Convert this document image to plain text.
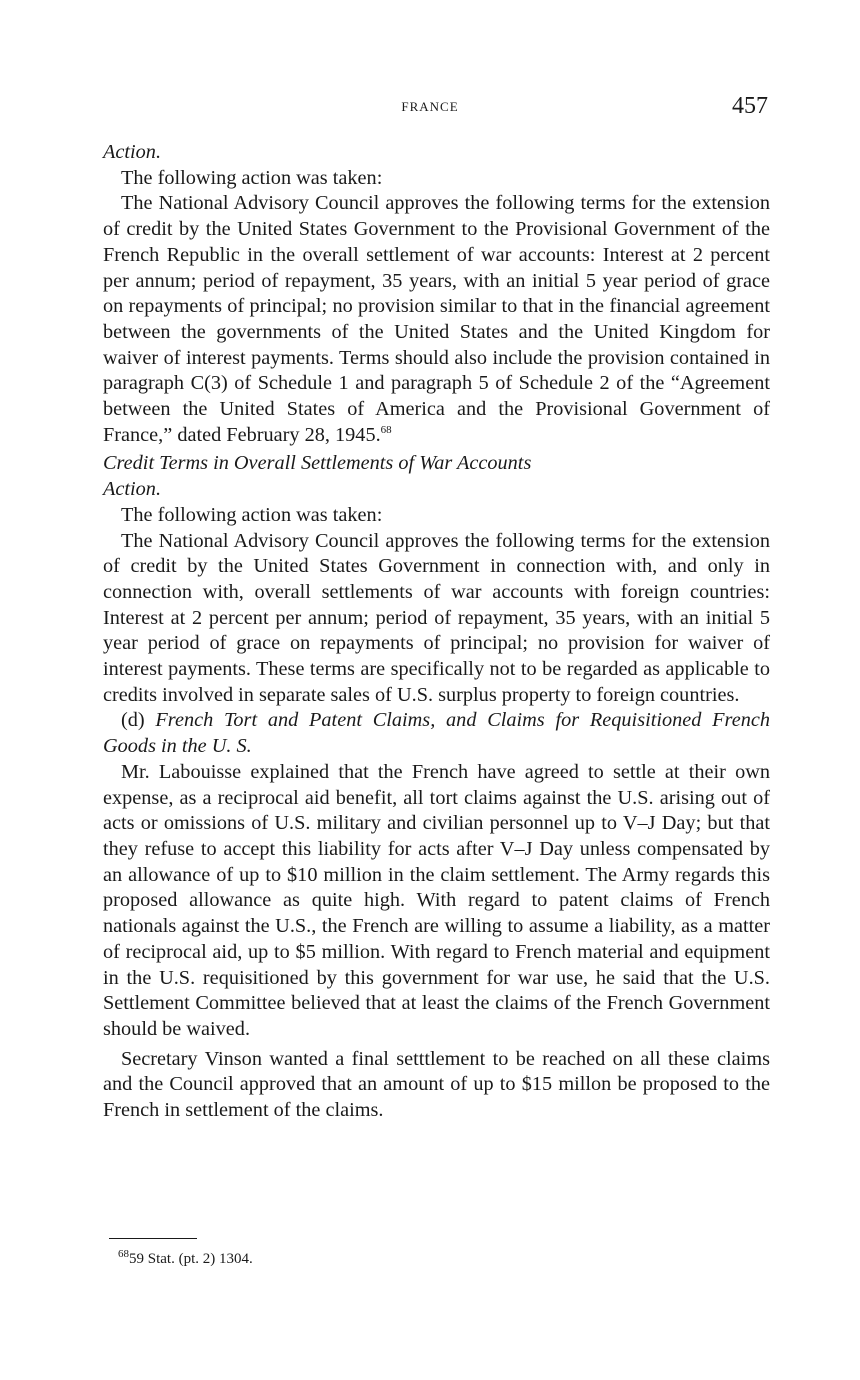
FRANCE	457

Action.

The following action was taken:

The National Advisory Council approves the following terms for the extension of credit by the United States Government to the Provisional Government of the French Republic in the overall settlement of war accounts: Interest at 2 percent per annum; period of repayment, 35 years, with an initial 5 year period of grace on repayments of principal; no provision similar to that in the financial agreement between the governments of the United States and the United Kingdom for waiver of interest payments. Terms should also include the provision contained in paragraph C(3) of Schedule 1 and paragraph 5 of Schedule 2 of the “Agreement between the United States of America and the Provisional Government of France,” dated February 28, 1945.68

Credit Terms in Overall Settlements of War Accounts

Action.

The following action was taken:

The National Advisory Council approves the following terms for the extension of credit by the United States Government in connection with, and only in connection with, overall settlements of war accounts with foreign countries: Interest at 2 percent per annum; period of repayment, 35 years, with an initial 5 year period of grace on repayments of principal; no provision for waiver of interest payments. These terms are specifically not to be regarded as applicable to credits involved in separate sales of U.S. surplus property to foreign countries.

(d) French Tort and Patent Claims, and Claims for Requisitioned French Goods in the U. S.

Mr. Labouisse explained that the French have agreed to settle at their own expense, as a reciprocal aid benefit, all tort claims against the U.S. arising out of acts or omissions of U.S. military and civilian personnel up to V–J Day; but that they refuse to accept this liability for acts after V–J Day unless compensated by an allowance of up to $10 million in the claim settlement. The Army regards this proposed allowance as quite high. With regard to patent claims of French nationals against the U.S., the French are willing to assume a liability, as a matter of reciprocal aid, up to $5 million. With regard to French material and equipment in the U.S. requisitioned by this government for war use, he said that the U.S. Settlement Committee believed that at least the claims of the French Government should be waived.

Secretary Vinson wanted a final setttlement to be reached on all these claims and the Council approved that an amount of up to $15 millon be proposed to the French in settlement of the claims.

$^{68}$59 Stat. (pt. 2) 1304.
